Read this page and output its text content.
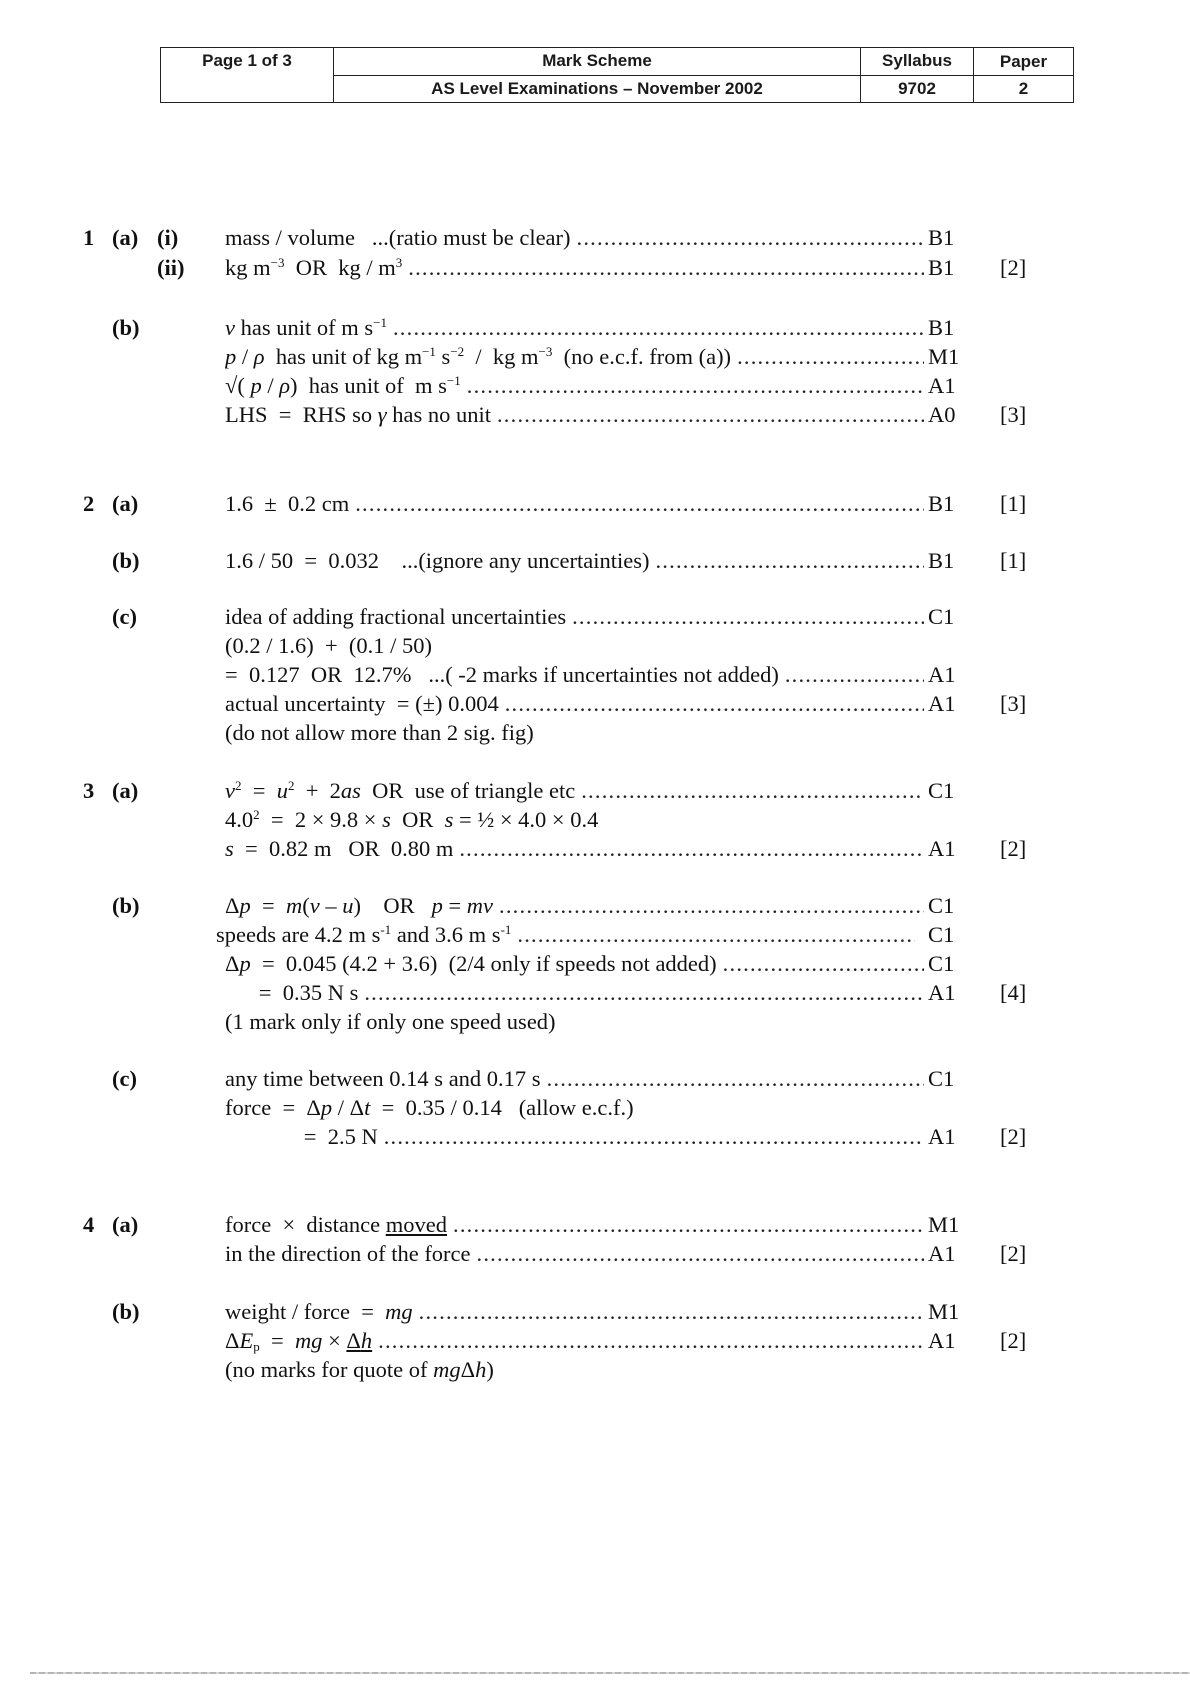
Page 1 of 3	Mark Scheme	Syllabus	Paper
	AS Level Examinations – November 2002	9702	2
1 (a) (i) mass / volume   ...(ratio must be clear) .....	B1
(ii) kg $m^{-3}$  OR  kg / $m^3$ .....	B1 [2]
(b)	v has unit of m $s^{-1}$ .....	B1
p / ρ  has unit of kg $m^{-1}$ $s^{-2}$  /  kg $m^{-3}$  (no e.c.f. from (a)) .....	M1
√( p / ρ)  has unit of  m $s^{-1}$ .....	A1
LHS  =  RHS so γ has no unit .....	A0 [3]
2 (a)	1.6  ±  0.2 cm .....	B1 [1]
(b)	1.6 / 50  =  0.032    ...(ignore any uncertainties) .....	B1 [1]
(c)	idea of adding fractional uncertainties .....	C1
(0.2 / 1.6)  +  (0.1 / 50)
=  0.127  OR  12.7%   ...( -2 marks if uncertainties not added) .....	A1
actual uncertainty  = (±) 0.004 .....	A1 [3]
(do not allow more than 2 sig. fig)
3 (a)	$v^2 = u^2 + 2as$  OR  use of triangle etc .....	C1
$4.0^2 = 2 \times 9.8 \times s$  OR  s = ½ × 4.0 × 0.4
s  =  0.82 m   OR  0.80 m .....	A1 [2]
(b)	Δp  =  m(v – u)    OR   p = mv .....	C1
speeds are 4.2 m $s^{-1}$ and 3.6 m $s^{-1}$ .....	C1
Δp  =  0.045 (4.2 + 3.6)  (2/4 only if speeds not added) .....	C1
=  0.35 N s .....	A1 [4]
(1 mark only if only one speed used)
(c)	any time between 0.14 s and 0.17 s .....	C1
force  =  Δp / Δt  =  0.35 / 0.14   (allow e.c.f.)
=  2.5 N .....	A1 [2]
4 (a)	force  ×  distance moved .....	M1
in the direction of the force .....	A1 [2]
(b)	weight / force  =  mg .....	M1
$\Delta E_p$  =  mg × Δh .....	A1 [2]
(no marks for quote of mgΔh)
